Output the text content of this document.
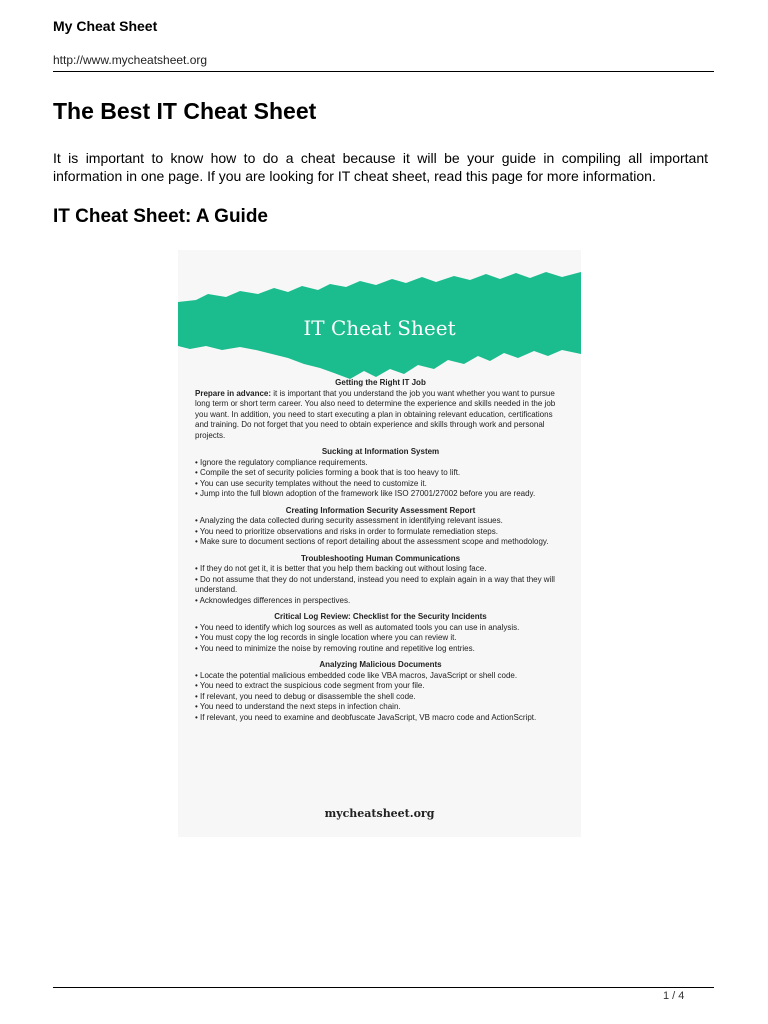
My Cheat Sheet
http://www.mycheatsheet.org
The Best IT Cheat Sheet

It is important to know how to do a cheat because it will be your guide in compiling all important information in one page. If you are looking for IT cheat sheet, read this page for more information.

IT Cheat Sheet: A Guide
IT Cheat Sheet
Getting the Right IT Job
Prepare in advance: it is important that you understand the job you want whether you want to pursue long term or short term career. You also need to determine the experience and skills needed in the job you want. In addition, you need to start executing a plan in obtaining relevant education, certifications and training. Do not forget that you need to obtain experience and skills through work and personal projects.
Sucking at Information System
• Ignore the regulatory compliance requirements.
• Compile the set of security policies forming a book that is too heavy to lift.
• You can use security templates without the need to customize it.
• Jump into the full blown adoption of the framework like ISO 27001/27002 before you are ready.
Creating Information Security Assessment Report
• Analyzing the data collected during security assessment in identifying relevant issues.
• You need to prioritize observations and risks in order to formulate remediation steps.
• Make sure to document sections of report detailing about the assessment scope and methodology.
Troubleshooting Human Communications
• If they do not get it, it is better that you help them backing out without losing face.
• Do not assume that they do not understand, instead you need to explain again in a way that they will understand.
• Acknowledges differences in perspectives.
Critical Log Review: Checklist for the Security Incidents
• You need to identify which log sources as well as automated tools you can use in analysis.
• You must copy the log records in single location where you can review it.
• You need to minimize the noise by removing routine and repetitive log entries.
Analyzing Malicious Documents
• Locate the potential malicious embedded code like VBA macros, JavaScript or shell code.
• You need to extract the suspicious code segment from your file.
• If relevant, you need to debug or disassemble the shell code.
• You need to understand the next steps in infection chain.
• If relevant, you need to examine and deobfuscate JavaScript, VB macro code and ActionScript.
mycheatsheet.org
1 / 4
